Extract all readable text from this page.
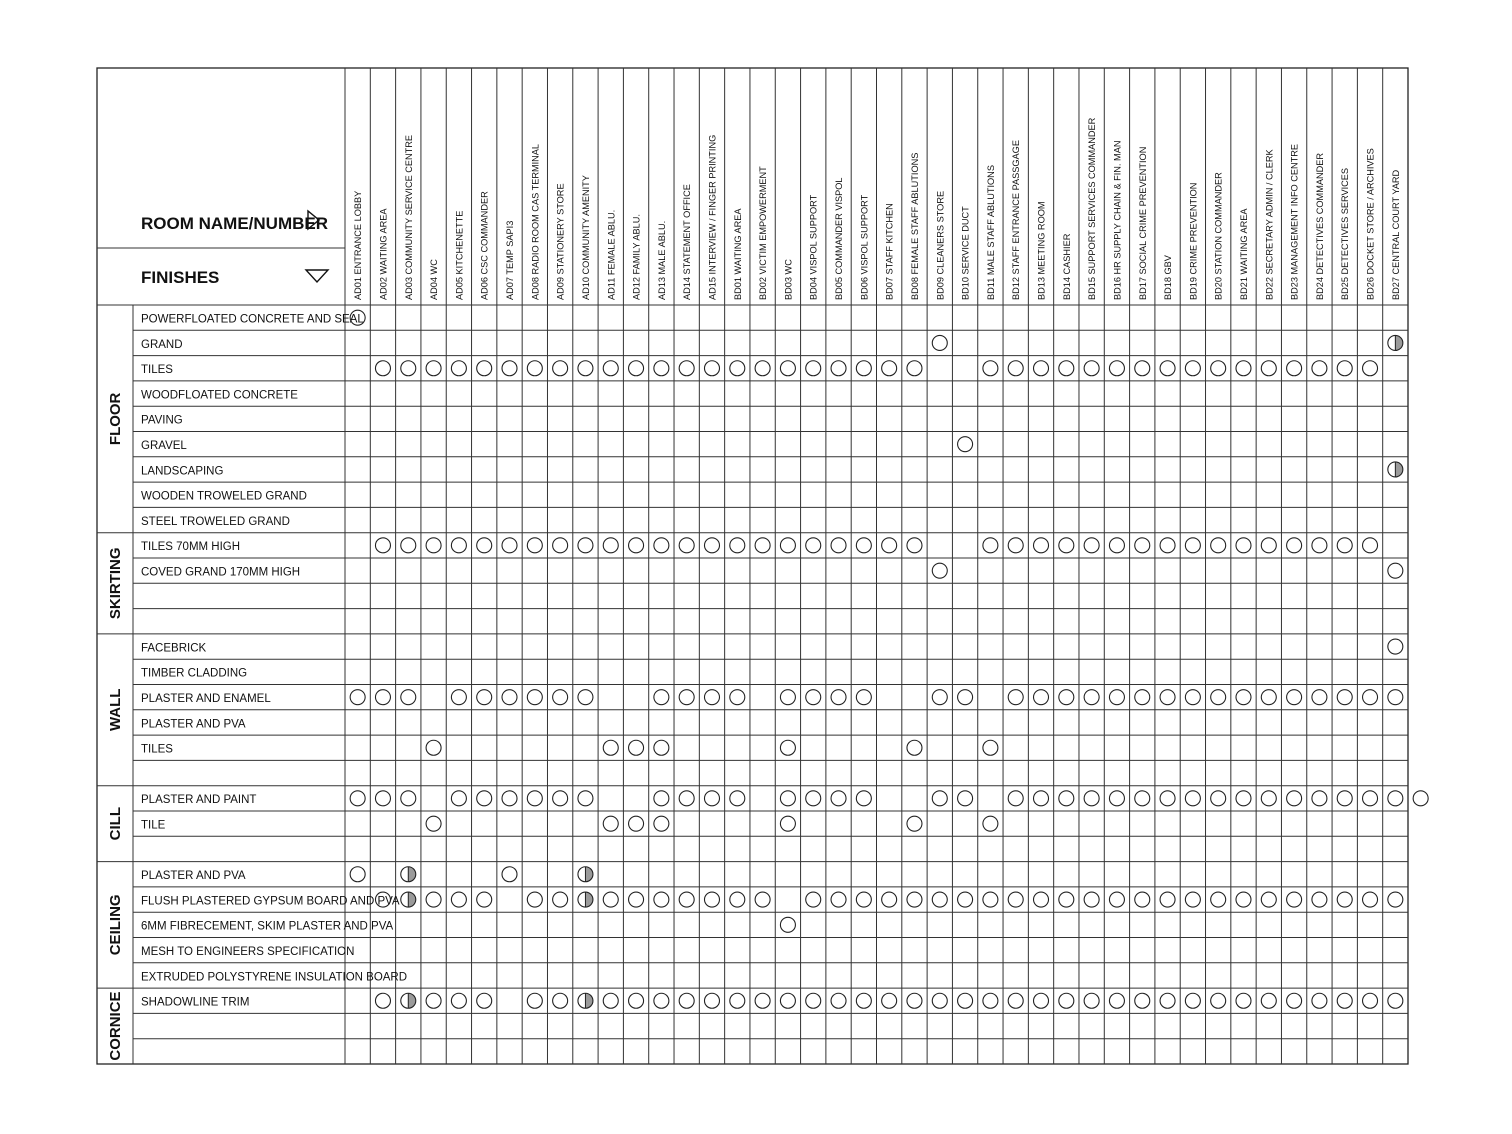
ROOM NAME/NUMBER
FINISHES	AD01 ENTRANCE LOBBY AD02 WAITING AREA AD03 COMMUNITY SERVICE CENTRE AD04 WC AD05 KITCHENETTE AD06 CSC COMMANDER AD07 TEMP SAPI3 AD08 RADIO ROOM CAS TERMINAL AD09 STATIONERY STORE AD10 COMMUNITY AMENITY AD11 FEMALE ABLU. AD12 FAMILY ABLU. AD13 MALE ABLU. AD14 STATEMENT OFFICE AD15 INTERVIEW / FINGER PRINTING BD01 WAITING AREA BD02 VICTIM EMPOWERMENT BD03 WC BD04 VISPOL SUPPORT BD05 COMMANDER VISPOL BD06 VISPOL SUPPORT BD07 STAFF KITCHEN BD08 FEMALE STAFF ABLUTIONS BD09 CLEANERS STORE BD10 SERVICE DUCT BD11 MALE STAFF ABLUTIONS BD12 STAFF ENTRANCE PASSGAGE BD13 MEETING ROOM BD14 CASHIER BD15 SUPPORT SERVICES COMMANDER BD16 HR SUPPLY CHAIN & FIN. MAN BD17 SOCIAL CRIME PREVENTION BD18 GBV BD19 CRIME PREVENTION BD20 STATION COMMANDER BD21 WAITING AREA BD22 SECRETARY ADMIN / CLERK BD23 MANAGEMENT INFO CENTRE BD24 DETECTIVES COMMANDER BD25 DETECTIVES SERVICES BD26 DOCKET STORE / ARCHIVES BD27 CENTRAL COURT YARD
POWERFLOATED CONCRETE AND SEAL
GRAND
TILES
WOODFLOATED CONCRETE
PAVING
GRAVEL
LANDSCAPING
WOODEN TROWELED GRAND
STEEL TROWELED GRAND
TILES 70MM HIGH
COVED GRAND 170MM HIGH
FACEBRICK
TIMBER CLADDING
PLASTER AND ENAMEL
PLASTER AND PVA
TILES
PLASTER AND PAINT
TILE
PLASTER AND PVA
FLUSH PLASTERED GYPSUM BOARD AND PVA
6MM FIBRECEMENT, SKIM PLASTER AND PVA
MESH TO ENGINEERS SPECIFICATION
EXTRUDED POLYSTYRENE INSULATION BOARD
SHADOWLINE TRIM
FLOOR
SKIRTING
WALL
CILL
CEILING
CORNICE
